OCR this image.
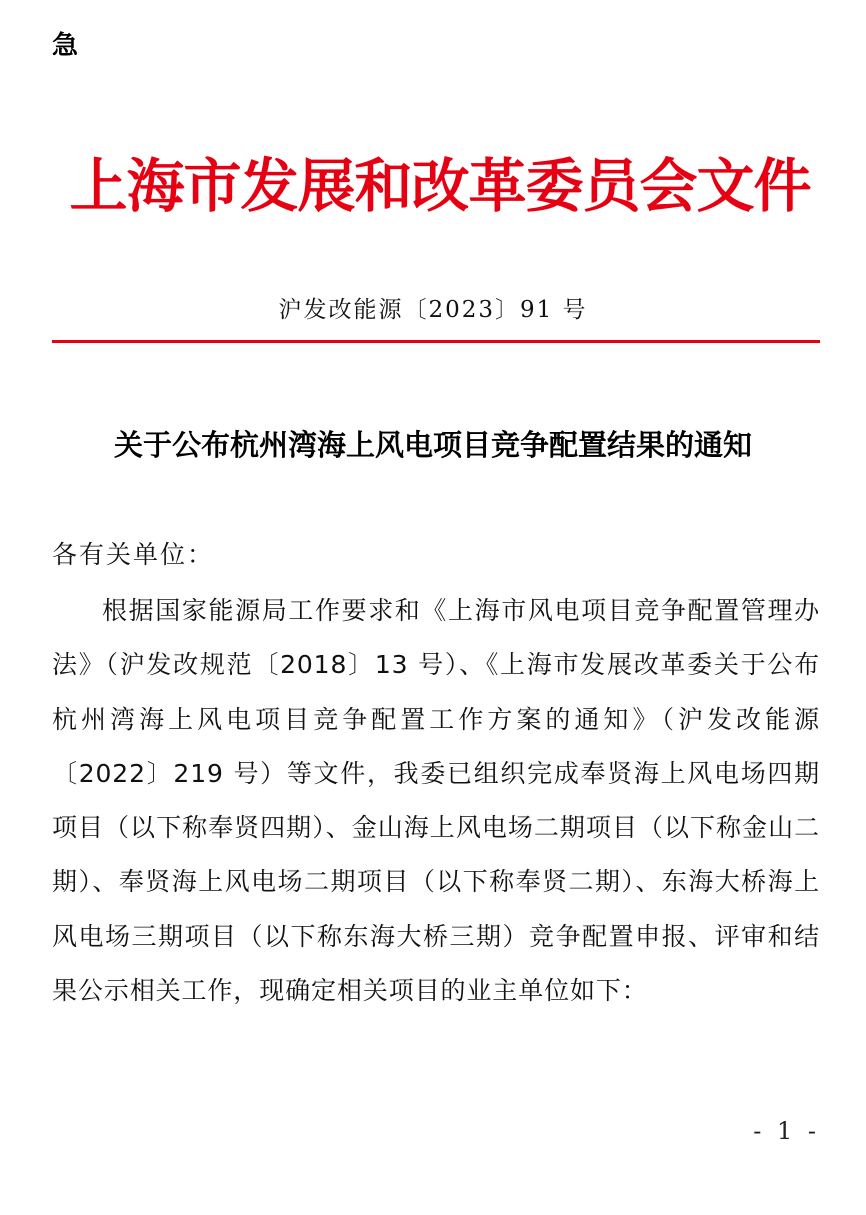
急
上海市发展和改革委员会文件
沪发改能源〔2023〕91 号
关于公布杭州湾海上风电项目竞争配置结果的通知
各有关单位：
根据国家能源局工作要求和《上海市风电项目竞争配置管理办法》（沪发改规范〔2018〕13 号）、《上海市发展改革委关于公布杭州湾海上风电项目竞争配置工作方案的通知》（沪发改能源〔2022〕219 号）等文件，我委已组织完成奉贤海上风电场四期项目（以下称奉贤四期）、金山海上风电场二期项目（以下称金山二期）、奉贤海上风电场二期项目（以下称奉贤二期）、东海大桥海上风电场三期项目（以下称东海大桥三期）竞争配置申报、评审和结果公示相关工作，现确定相关项目的业主单位如下：
- 1 -
